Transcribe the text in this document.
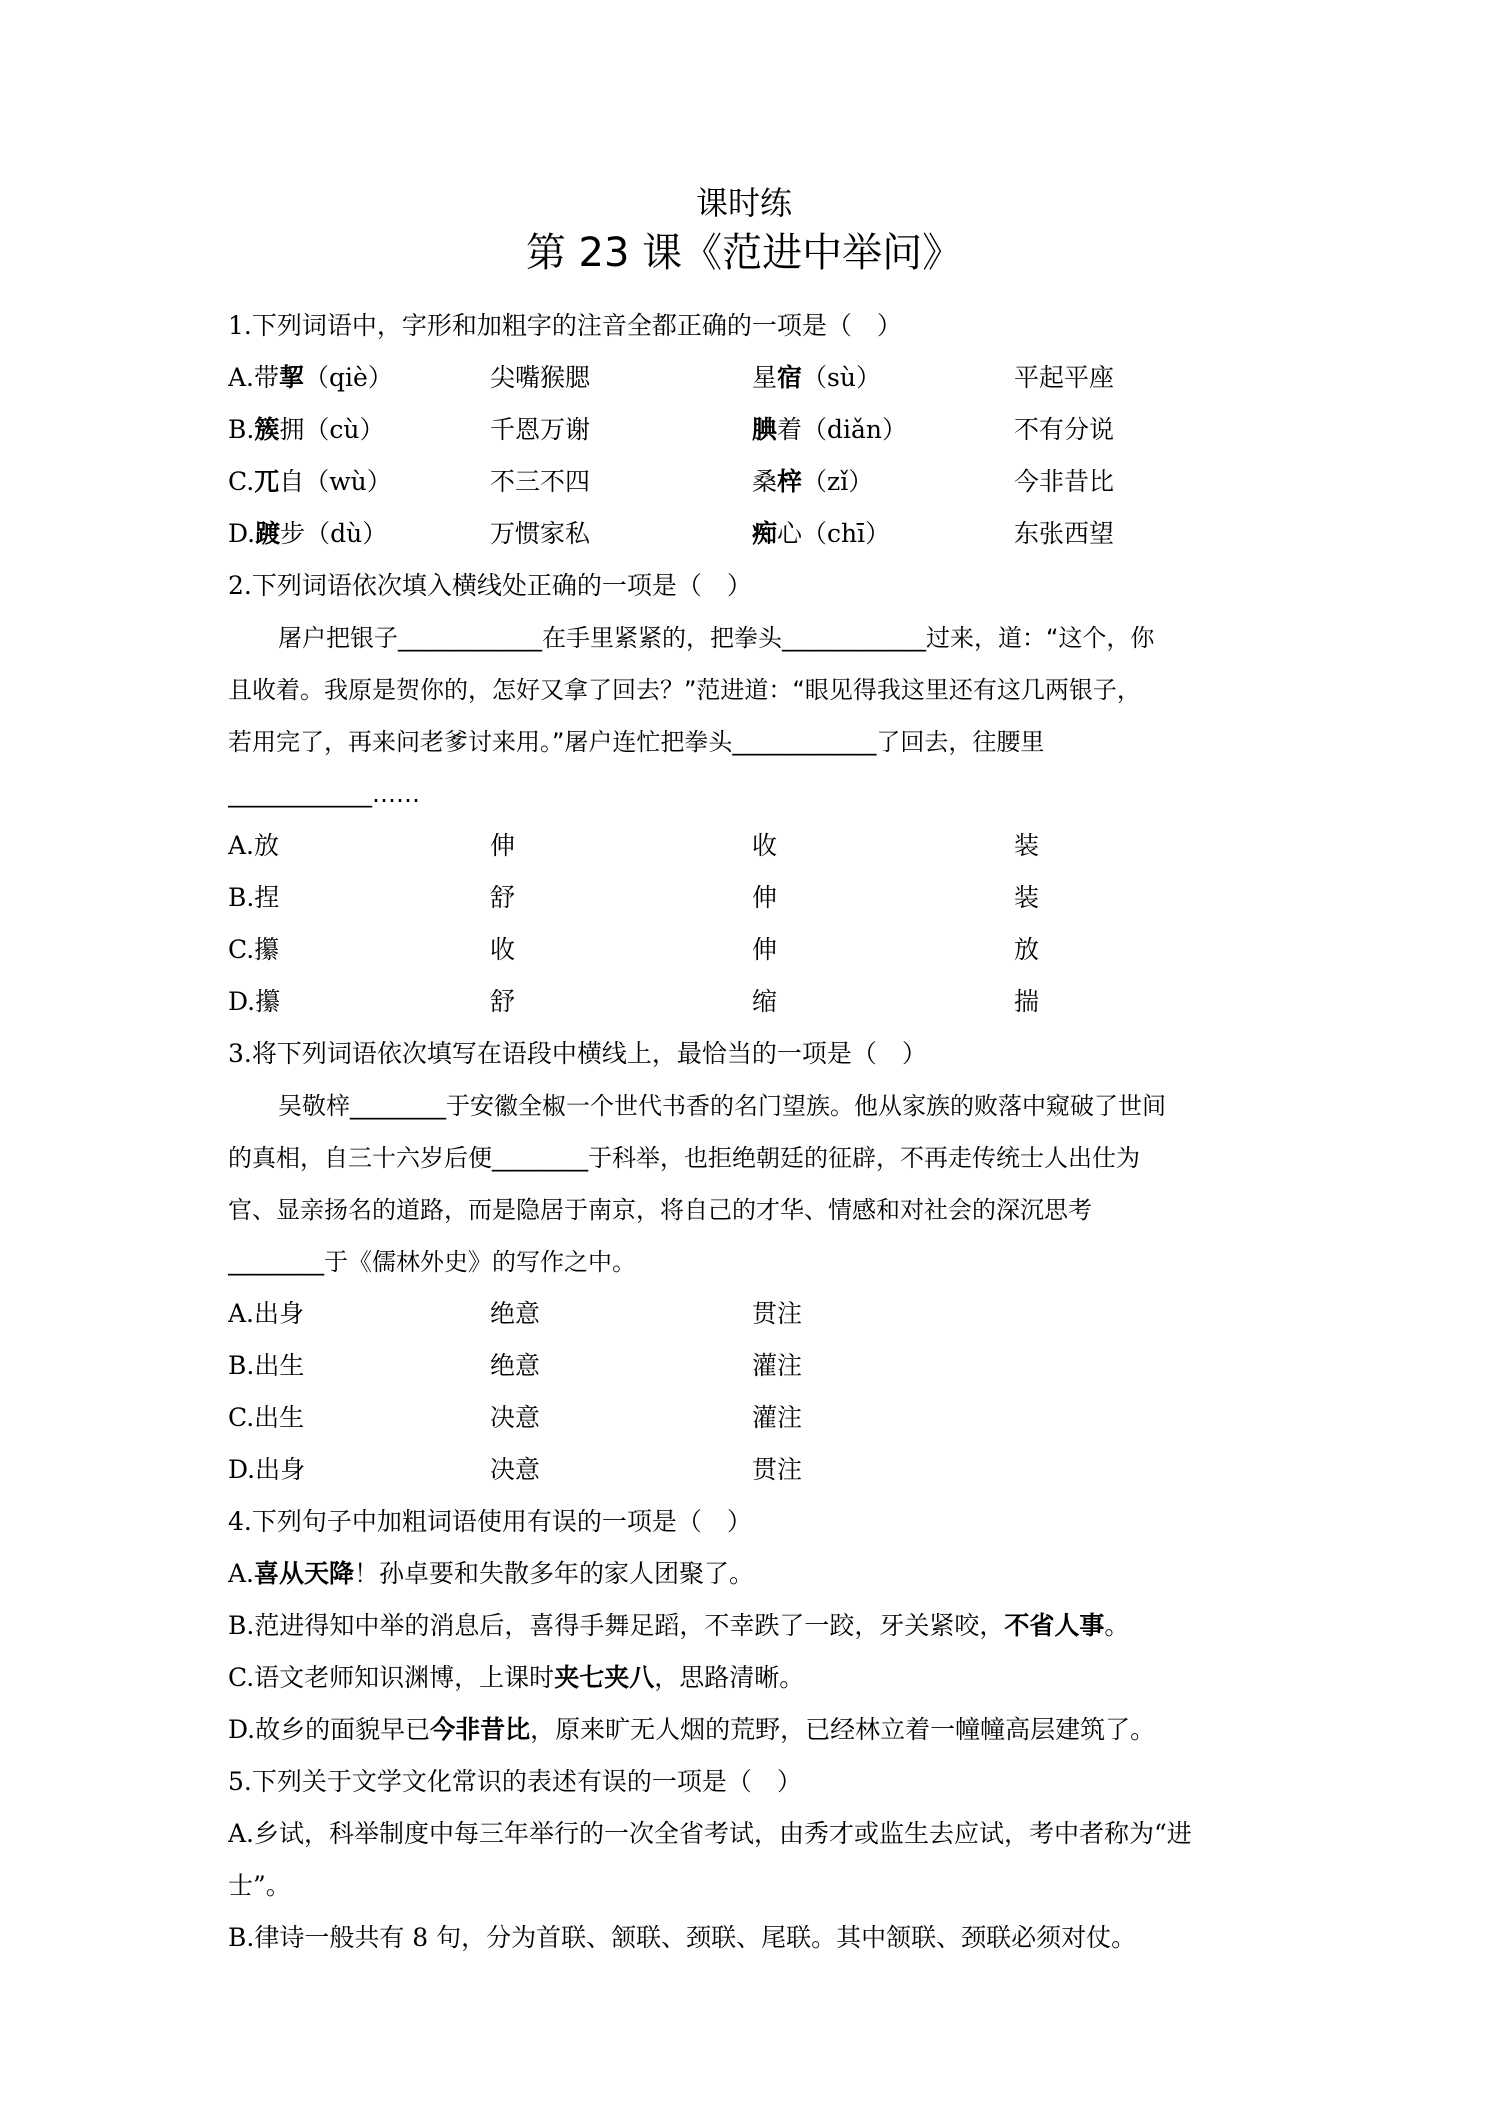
课时练
第 23 课《范进中举问》
1.下列词语中，字形和加粗字的注音全都正确的一项是（　）
A.带挈（qiè）	尖嘴猴腮	星宿（sù）	平起平座
B.簇拥（cù）	千恩万谢	腆着（diǎn）	不有分说
C.兀自（wù）	不三不四	桑梓（zǐ）	今非昔比
D.踱步（dù）	万惯家私	痴心（chī）	东张西望
2.下列词语依次填入横线处正确的一项是（　）
屠户把银子____________在手里紧紧的，把拳头____________过来，道：“这个，你
且收着。我原是贺你的，怎好又拿了回去？”范进道：“眼见得我这里还有这几两银子，
若用完了，再来问老爹讨来用。”屠户连忙把拳头____________了回去，往腰里
____________……
A.放	伸	收	装
B.捏	舒	伸	装
C.攥	收	伸	放
D.攥	舒	缩	揣
3.将下列词语依次填写在语段中横线上，最恰当的一项是（　）
吴敬梓________于安徽全椒一个世代书香的名门望族。他从家族的败落中窥破了世间
的真相，自三十六岁后便________于科举，也拒绝朝廷的征辟，不再走传统士人出仕为
官、显亲扬名的道路，而是隐居于南京，将自己的才华、情感和对社会的深沉思考
________于《儒林外史》的写作之中。
A.出身	绝意	贯注
B.出生	绝意	灌注
C.出生	决意	灌注
D.出身	决意	贯注
4.下列句子中加粗词语使用有误的一项是（　）
A.喜从天降！孙卓要和失散多年的家人团聚了。
B.范进得知中举的消息后，喜得手舞足蹈，不幸跌了一跤，牙关紧咬，不省人事。
C.语文老师知识渊博，上课时夹七夹八，思路清晰。
D.故乡的面貌早已今非昔比，原来旷无人烟的荒野，已经林立着一幢幢高层建筑了。
5.下列关于文学文化常识的表述有误的一项是（　）
A.乡试，科举制度中每三年举行的一次全省考试，由秀才或监生去应试，考中者称为“进
士”。
B.律诗一般共有 8 句，分为首联、颔联、颈联、尾联。其中颔联、颈联必须对仗。
